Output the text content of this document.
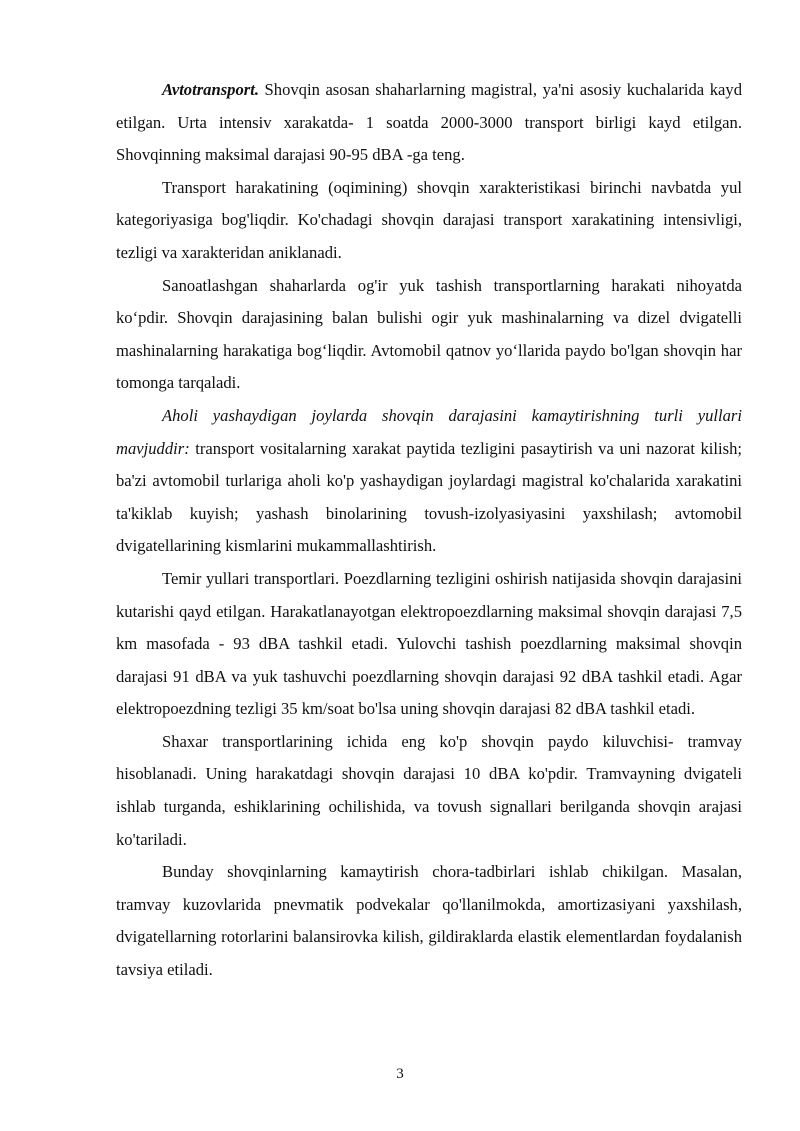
Avtotransport. Shovqin asosan shaharlarning magistral, ya'ni asosiy kuchalarida kayd etilgan. Urta intensiv xarakatda- 1 soatda 2000-3000 transport birligi kayd etilgan. Shovqinning maksimal darajasi 90-95 dBA -ga teng.

Transport harakatining (oqimining) shovqin xarakteristikasi birinchi navbatda yul kategoriyasiga bog'liqdir. Ko'chadagi shovqin darajasi transport xarakatining intensivligi, tezligi va xarakteridan aniklanadi.

Sanoatlashgan shaharlarda og'ir yuk tashish transportlarning harakati nihoyatda koʻpdir. Shovqin darajasining balan bulishi ogir yuk mashinalarning va dizel dvigatelli mashinalarning harakatiga bogʻliqdir. Avtomobil qatnov yoʻllarida paydo bo'lgan shovqin har tomonga tarqaladi.

Aholi yashaydigan joylarda shovqin darajasini kamaytirishning turli yullari mavjuddir: transport vositalarning xarakat paytida tezligini pasaytirish va uni nazorat kilish; ba'zi avtomobil turlariga aholi ko'p yashaydigan joylardagi magistral ko'chalarida xarakatini ta'kiklab kuyish; yashash binolarining tovush-izolyasiyasini yaxshilash; avtomobil dvigatellarining kismlarini mukammallashtirish.

Temir yullari transportlari. Poezdlarning tezligini oshirish natijasida shovqin darajasini kutarishi qayd etilgan. Harakatlanayotgan elektropoezdlarning maksimal shovqin darajasi 7,5 km masofada - 93 dBA tashkil etadi. Yulovchi tashish poezdlarning maksimal shovqin darajasi 91 dBA va yuk tashuvchi poezdlarning shovqin darajasi 92 dBA tashkil etadi. Agar elektropoezdning tezligi 35 km/soat bo'lsa uning shovqin darajasi 82 dBA tashkil etadi.

Shaxar transportlarining ichida eng ko'p shovqin paydo kiluvchisi- tramvay hisoblanadi. Uning harakatdagi shovqin darajasi 10 dBA ko'pdir. Tramvayning dvigateli ishlab turganda, eshiklarining ochilishida, va tovush signallari berilganda shovqin arajasi ko'tariladi.

Bunday shovqinlarning kamaytirish chora-tadbirlari ishlab chikilgan. Masalan, tramvay kuzovlarida pnevmatik podvekalar qo'llanilmokda, amortizasiyani yaxshilash, dvigatellarning rotorlarini balansirovka kilish, gildiraklarda elastik elementlardan foydalanish tavsiya etiladi.

3
